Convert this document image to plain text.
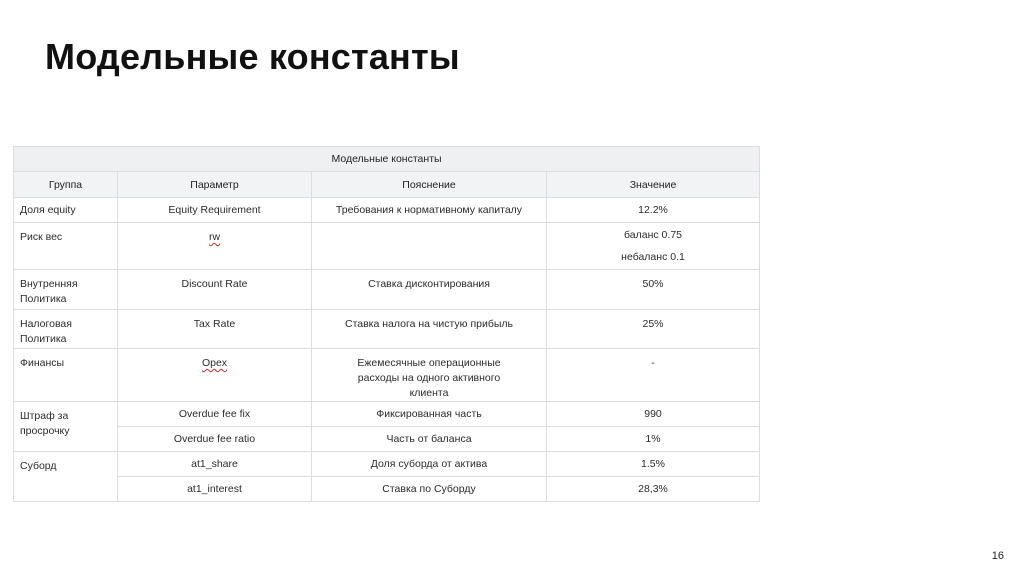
Модельные константы
Модельные константы			
Группа	Параметр	Пояснение	Значение
Доля equity	Equity Requirement	Требования к нормативному капиталу	12.2%

Риск вес	rw		баланс 0.75
небаланс 0.1

Внутренняя Политика	Discount Rate	Ставка дисконтирования	50%

Налоговая Политика	Tax Rate	Ставка налога на чистую прибыль	25%

Финансы	Opex	Ежемесячные операционные расходы на одного активного клиента	-

Штраф за просрочку	Overdue fee fix	Фиксированная часть	990
	Overdue fee ratio	Часть от баланса	1%

Суборд	at1_share	Доля суборда от актива	1.5%
	at1_interest	Ставка по Суборду	28,3%
16
